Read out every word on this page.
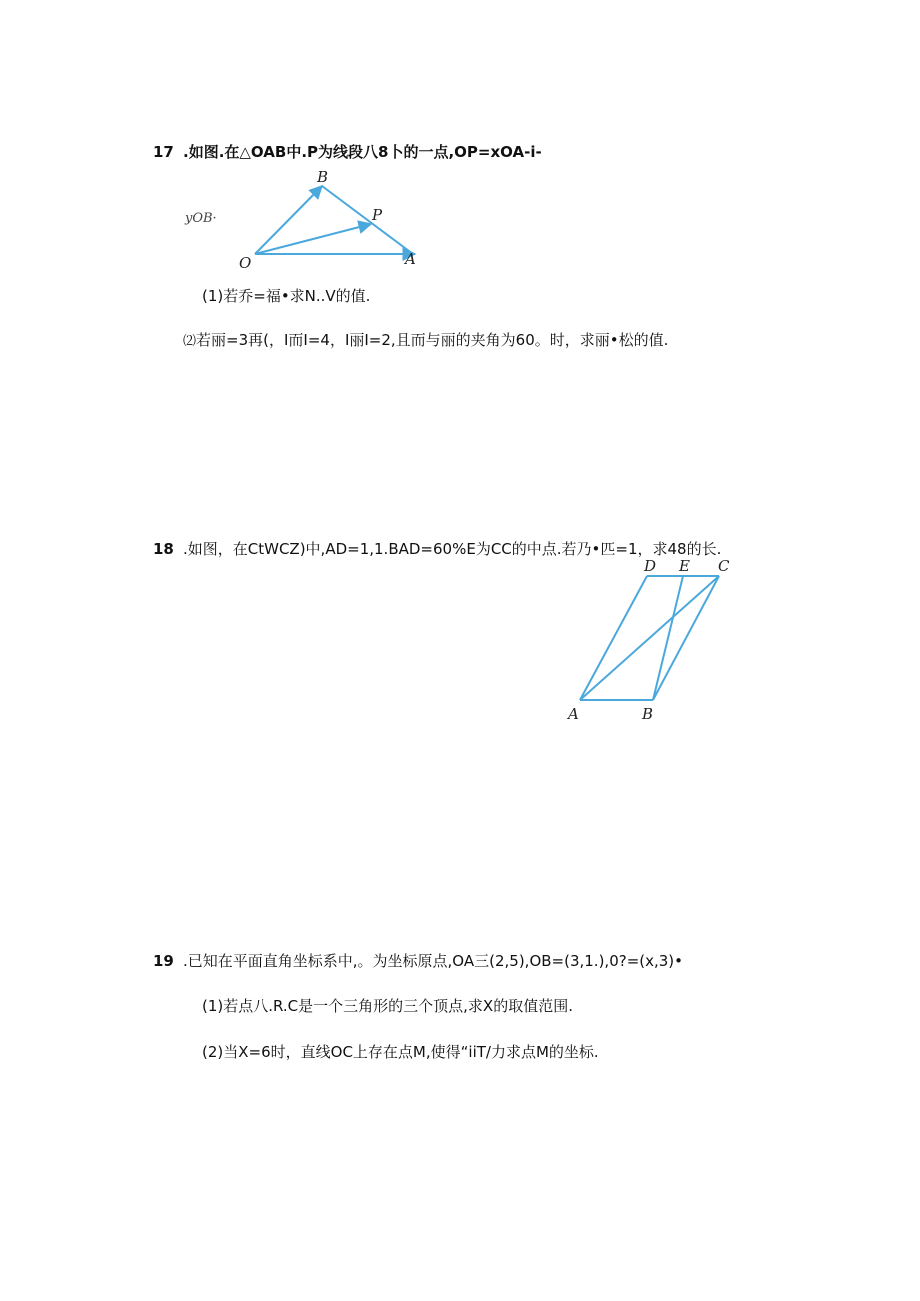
17 .如图.在△OAB中.P为线段八8卜的一点,OP=xOA-i-
B
P
O	A
yOB·
(1)若乔=福•求N..V的值.
⑵若丽=3再(，I而I=4，I丽I=2,且而与丽的夹角为60。时，求丽•松的值.
18 .如图，在CtWCZ)中,AD=1,1.BAD=60%E为CC的中点.若乃•匹=1，求48的长.
D E C
A	B
19 .已知在平面直角坐标系中,。为坐标原点,OA三(2,5),OB=(3,1.),0?=(x,3)•
(1)若点八.R.C是一个三角形的三个顶点,求X的取值范围.
(2)当X=6时，直线OC上存在点M,使得“iiT/力求点M的坐标.
